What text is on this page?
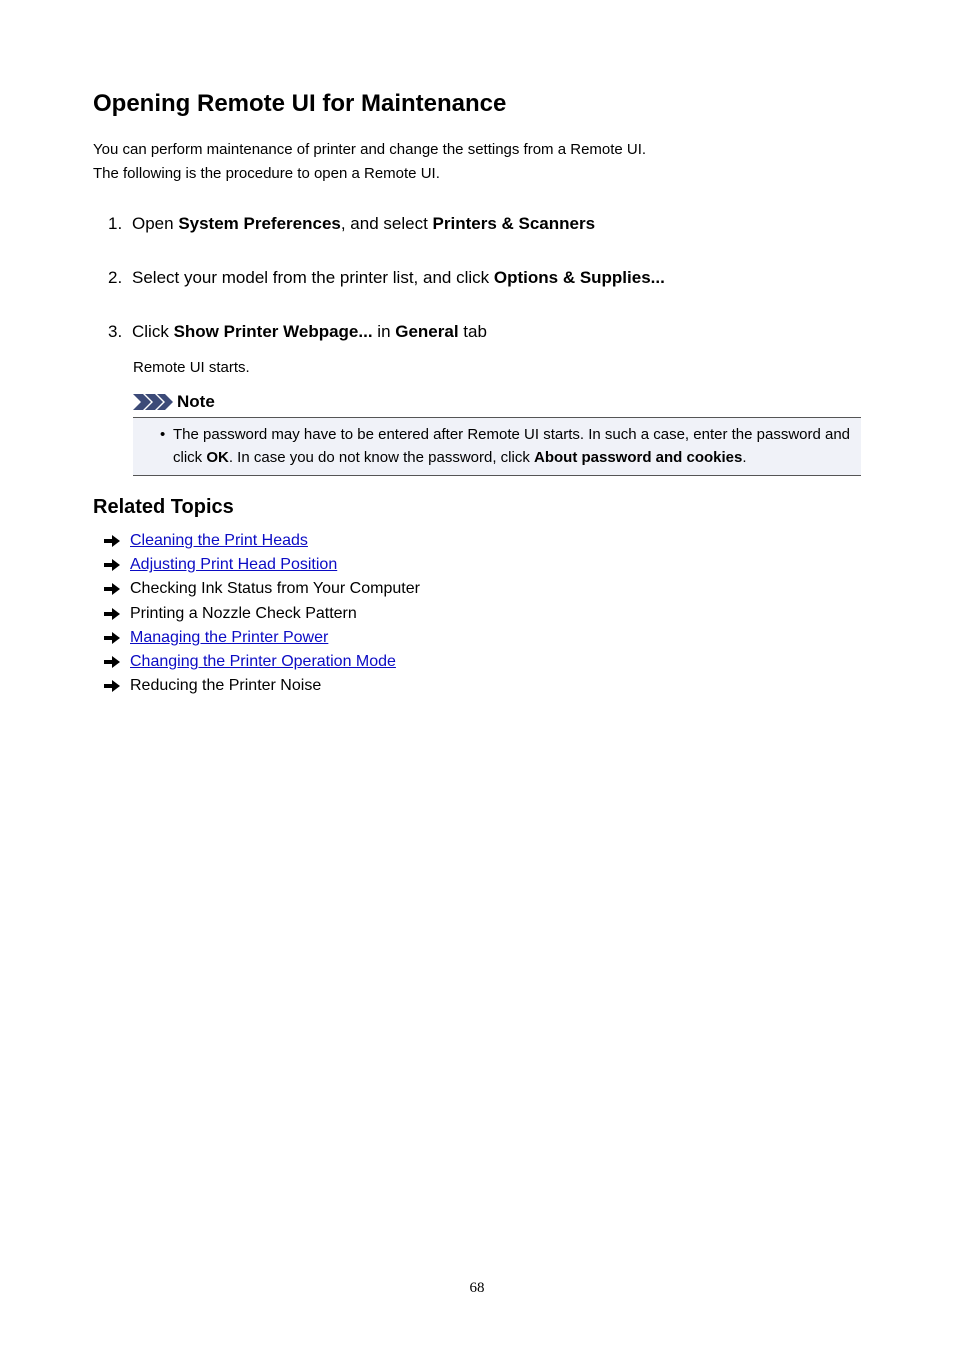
Opening Remote UI for Maintenance

You can perform maintenance of printer and change the settings from a Remote UI.

The following is the procedure to open a Remote UI.

1. Open System Preferences, and select Printers & Scanners
2. Select your model from the printer list, and click Options & Supplies...
3. Click Show Printer Webpage... in General tab
Remote UI starts.
Note
• The password may have to be entered after Remote UI starts. In such a case, enter the password and click OK. In case you do not know the password, click About password and cookies.
Related Topics
Cleaning the Print Heads
Adjusting Print Head Position
Checking Ink Status from Your Computer
Printing a Nozzle Check Pattern
Managing the Printer Power
Changing the Printer Operation Mode
Reducing the Printer Noise
68
